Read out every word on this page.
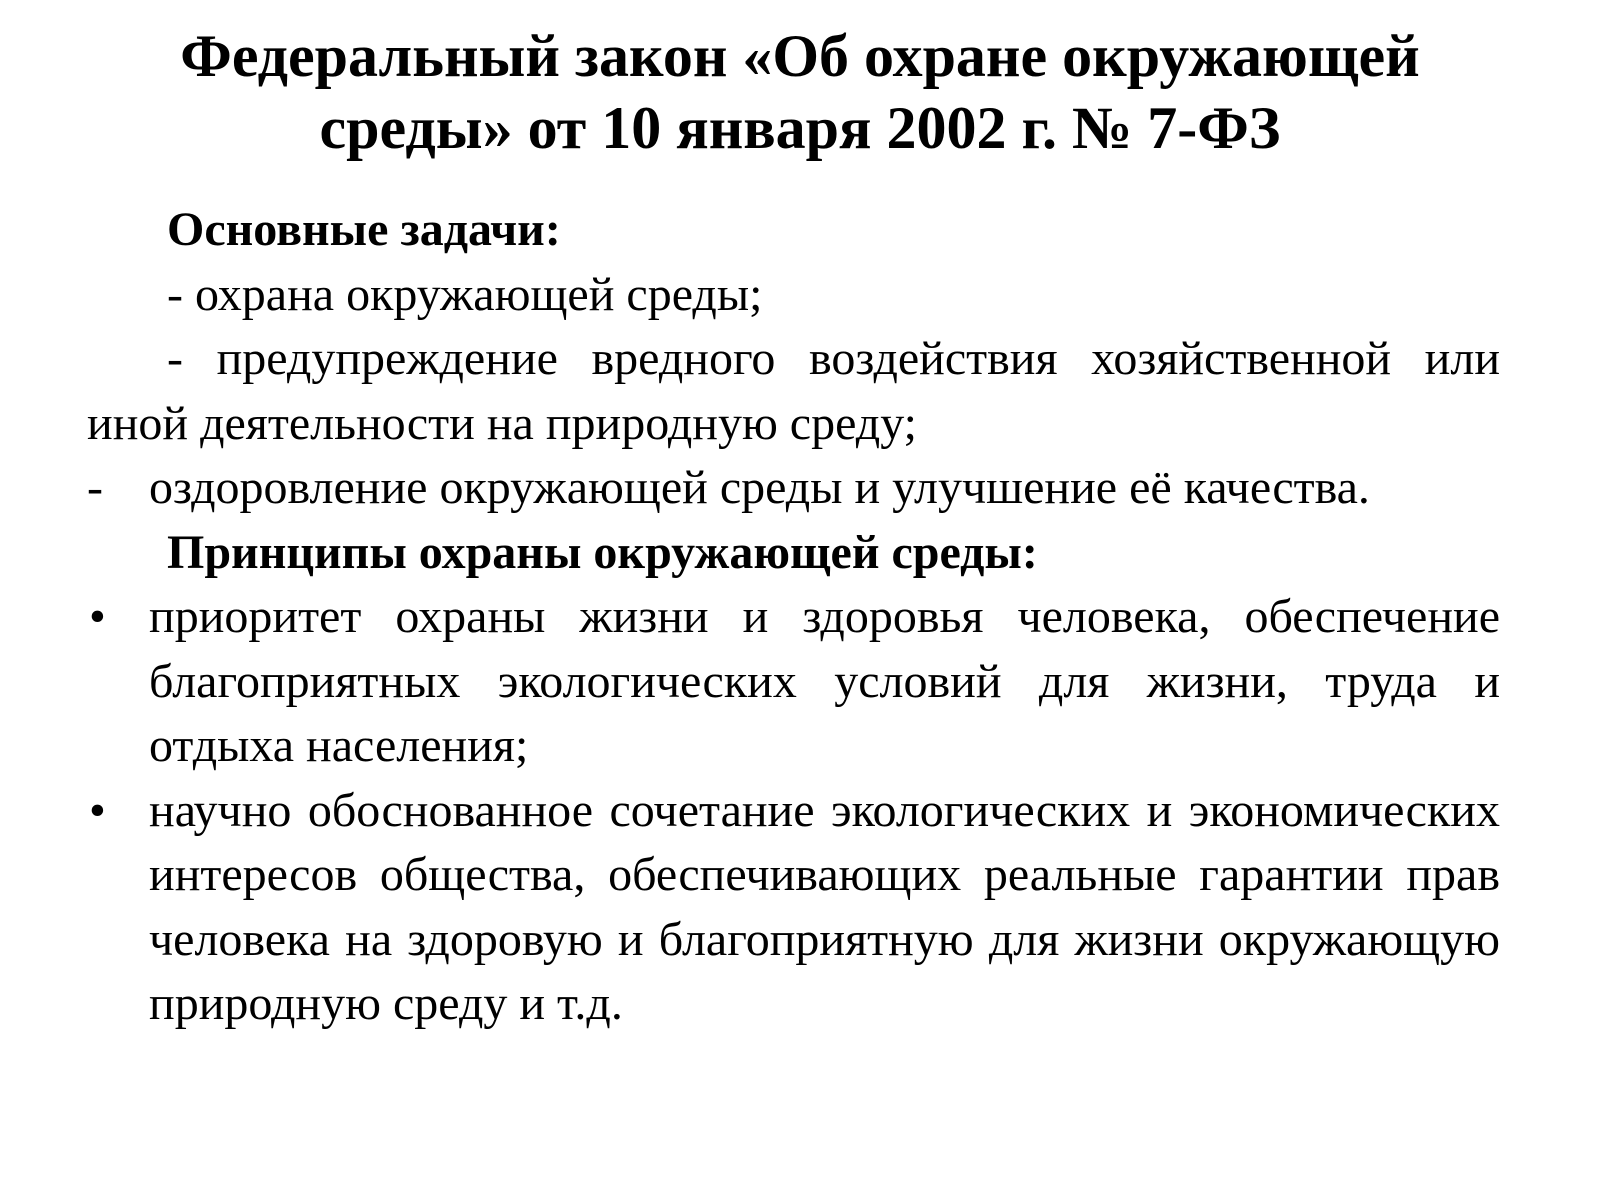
Федеральный закон «Об охране окружающей
среды» от 10 января 2002 г. № 7-ФЗ

Основные задачи:

- охрана окружающей среды;

- предупреждение вредного воздействия хозяйственной или иной деятельности на природную среду;

- оздоровление окружающей среды и улучшение её качества.

Принципы охраны окружающей среды:

• приоритет охраны жизни и здоровья человека, обеспечение благоприятных экологических условий для жизни, труда и отдыха населения;
• научно обоснованное сочетание экологических и экономических интересов общества, обеспечивающих реальные гарантии прав человека на здоровую и благоприятную для жизни окружающую природную среду и т.д.
